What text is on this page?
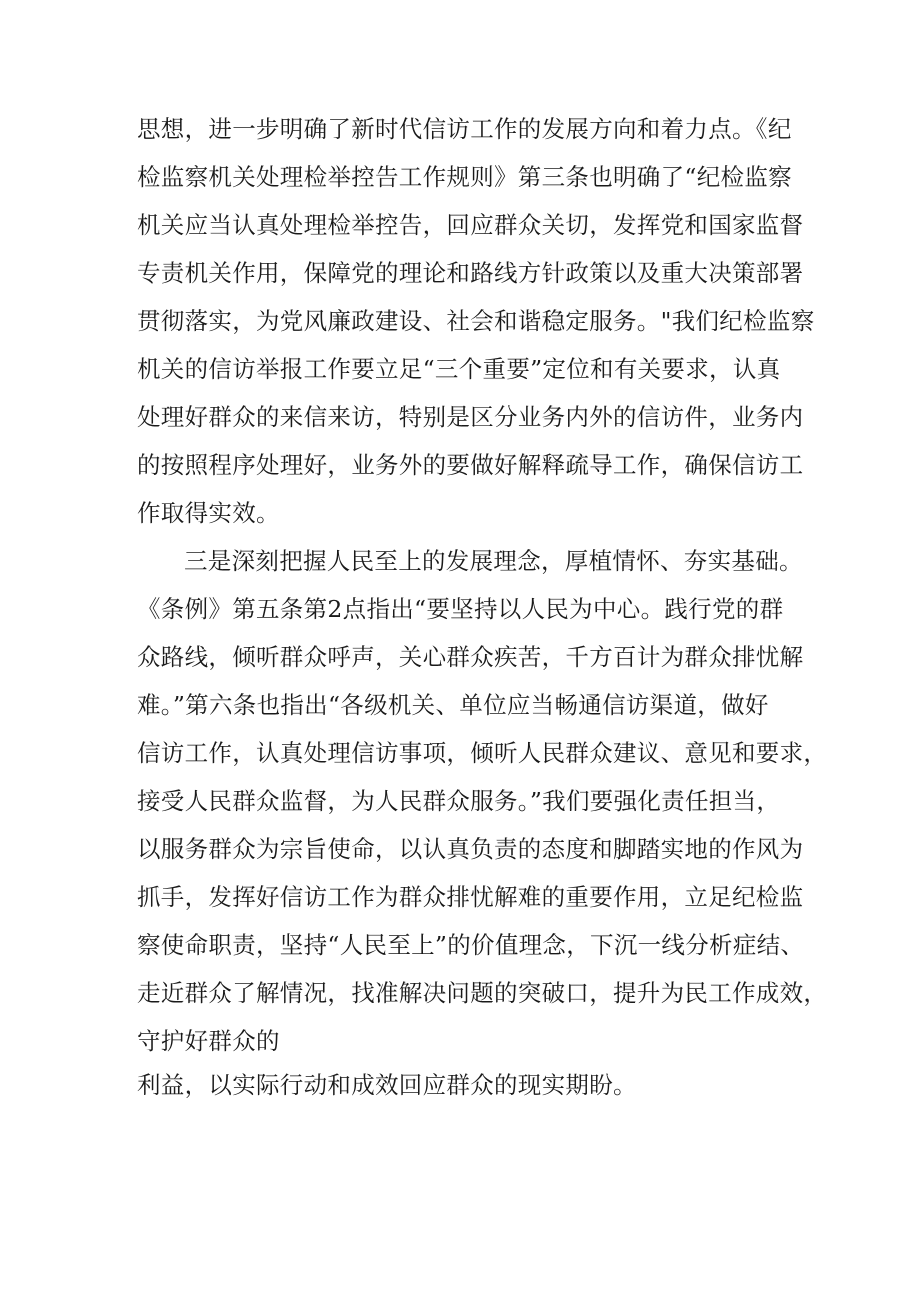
思想，进一步明确了新时代信访工作的发展方向和着力点。《纪
检监察机关处理检举控告工作规则》第三条也明确了“纪检监察
机关应当认真处理检举控告，回应群众关切，发挥党和国家监督
专责机关作用，保障党的理论和路线方针政策以及重大决策部署
贯彻落实，为党风廉政建设、社会和谐稳定服务。"我们纪检监察
机关的信访举报工作要立足“三个重要”定位和有关要求，认真
处理好群众的来信来访，特别是区分业务内外的信访件，业务内
的按照程序处理好，业务外的要做好解释疏导工作，确保信访工
作取得实效。
三是深刻把握人民至上的发展理念，厚植情怀、夯实基础。
《条例》第五条第2点指出“要坚持以人民为中心。践行党的群
众路线，倾听群众呼声，关心群众疾苦，千方百计为群众排忧解
难。”第六条也指出“各级机关、单位应当畅通信访渠道，做好
信访工作，认真处理信访事项，倾听人民群众建议、意见和要求，
接受人民群众监督，为人民群众服务。”我们要强化责任担当，
以服务群众为宗旨使命，以认真负责的态度和脚踏实地的作风为
抓手，发挥好信访工作为群众排忧解难的重要作用，立足纪检监
察使命职责，坚持“人民至上”的价值理念，下沉一线分析症结、
走近群众了解情况，找准解决问题的突破口，提升为民工作成效，
守护好群众的
利益，以实际行动和成效回应群众的现实期盼。
